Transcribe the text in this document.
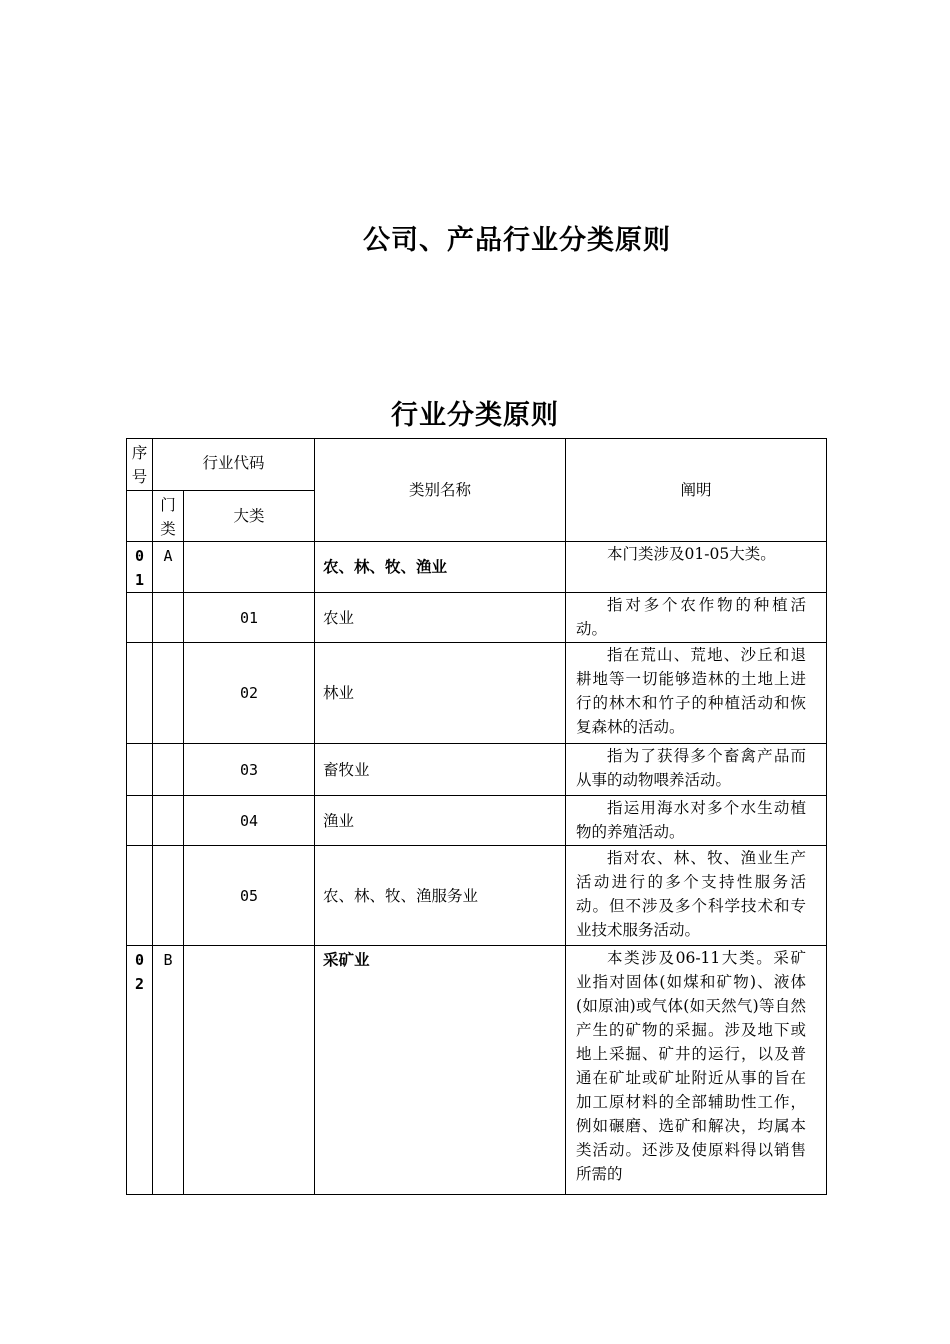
公司、产品行业分类原则
行业分类原则
序号	行业代码		类别名称	阐明

	门类	大类		

01	A		农、林、牧、渔业	本门类涉及01-05大类。
		01	农业	指对多个农作物的种植活动。
		02	林业	指在荒山、荒地、沙丘和退耕地等一切能够造林的土地上进行的林木和竹子的种植活动和恢复森林的活动。
		03	畜牧业	指为了获得多个畜禽产品而从事的动物喂养活动。
		04	渔业	指运用海水对多个水生动植物的养殖活动。
		05	农、林、牧、渔服务业	指对农、林、牧、渔业生产活动进行的多个支持性服务活动。但不涉及多个科学技术和专业技术服务活动。

02	B		采矿业	本类涉及06-11大类。采矿业指对固体(如煤和矿物)、液体(如原油)或气体(如天然气)等自然产生的矿物的采掘。涉及地下或地上采掘、矿井的运行，以及普通在矿址或矿址附近从事的旨在加工原材料的全部辅助性工作，例如碾磨、选矿和解决，均属本类活动。还涉及使原料得以销售所需的
